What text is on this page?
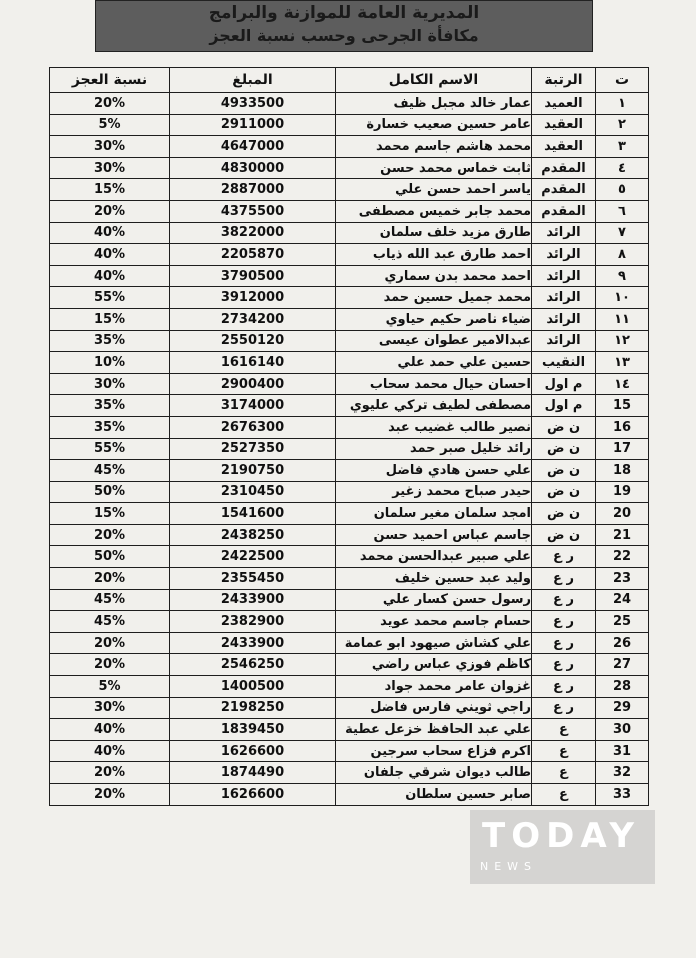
المديرية العامة للموازنة والبرامج
مكافأة الجرحى وحسب نسبة العجز
ت	الرتبة	الاسم الكامل	المبلغ	نسبة العجز
١	العميد	عمار خالد مجبل ظيف	4933500	20%
٢	العقيد	عامر حسين صعيب خسارة	2911000	5%
٣	العقيد	محمد هاشم جاسم محمد	4647000	30%
٤	المقدم	ثابت خماس محمد حسن	4830000	30%
٥	المقدم	ياسر احمد حسن علي	2887000	15%
٦	المقدم	محمد جابر خميس مصطفى	4375500	20%
٧	الرائد	طارق مزيد خلف سلمان	3822000	40%
٨	الرائد	احمد طارق عبد الله ذياب	2205870	40%
٩	الرائد	احمد محمد بدن سماري	3790500	40%
١٠	الرائد	محمد جميل حسين حمد	3912000	55%
١١	الرائد	ضياء ناصر حكيم حياوي	2734200	15%
١٢	الرائد	عبدالامير عطوان عيسى	2550120	35%
١٣	النقيب	حسين علي حمد علي	1616140	10%
١٤	م اول	احسان حيال محمد سحاب	2900400	30%
15	م اول	مصطفى لطيف تركي عليوي	3174000	35%
16	ن ض	نصير طالب غضيب عبد	2676300	35%
17	ن ض	رائد خليل صبر حمد	2527350	55%
18	ن ض	علي حسن هادي فاضل	2190750	45%
19	ن ض	حيدر صباح محمد زغير	2310450	50%
20	ن ض	امجد سلمان مغير سلمان	1541600	15%
21	ن ض	جاسم عباس احميد حسن	2438250	20%
22	ر ع	علي صبير عبدالحسن محمد	2422500	50%
23	ر ع	وليد عبد حسين خليف	2355450	20%
24	ر ع	رسول حسن كسار علي	2433900	45%
25	ر ع	حسام جاسم محمد عويد	2382900	45%
26	ر ع	علي كشاش صيهود ابو عمامة	2433900	20%
27	ر ع	كاظم فوزي عباس راضي	2546250	20%
28	ر ع	غزوان عامر محمد جواد	1400500	5%
29	ر ع	راجي ثويني فارس فاضل	2198250	30%
30	ع	علي عبد الحافظ خزعل عطية	1839450	40%
31	ع	اكرم فزاع سحاب سرجين	1626600	40%
32	ع	طالب ديوان شرقي جلفان	1874490	20%
33	ع	صابر حسين سلطان	1626600	20%
TODAY
NEWS
